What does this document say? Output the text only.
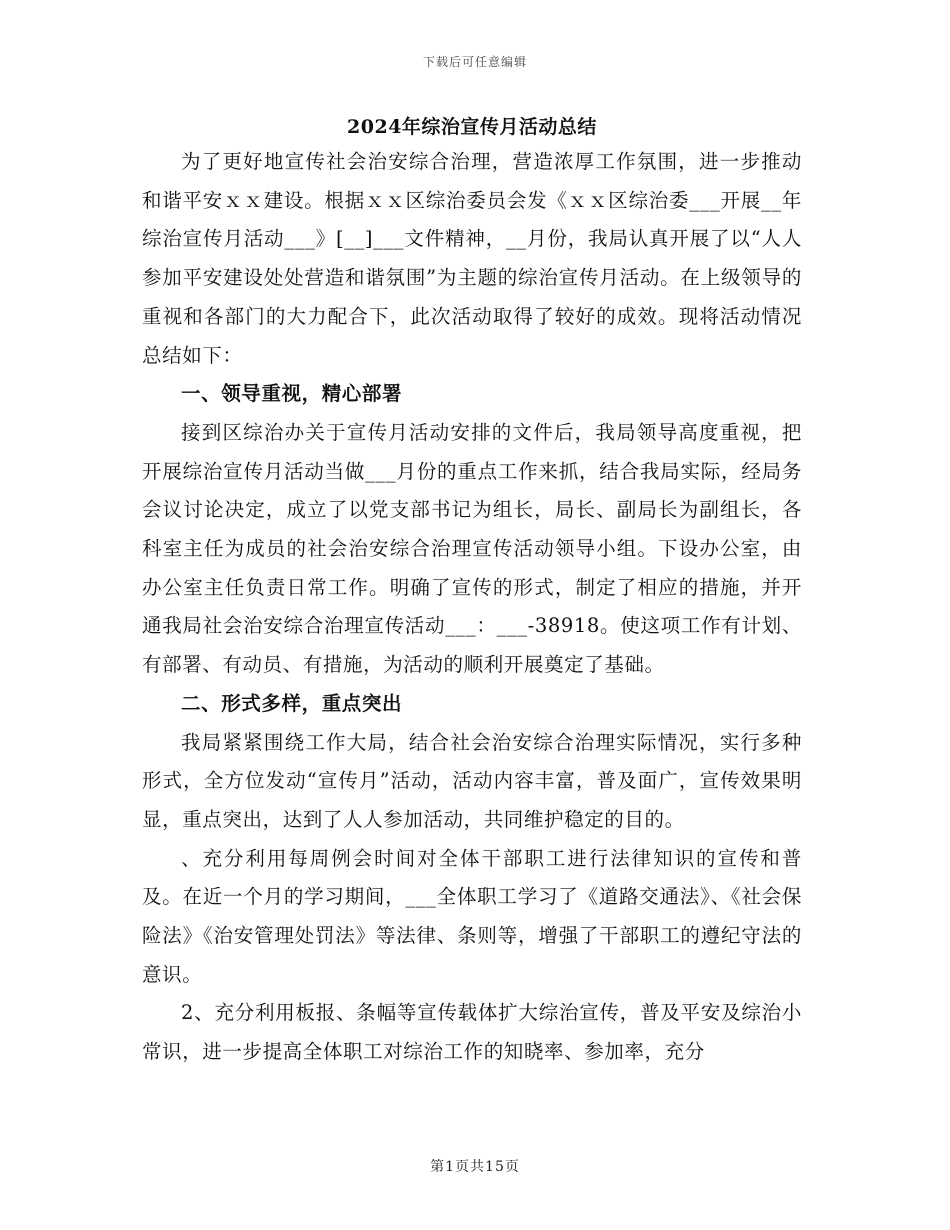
下载后可任意编辑
2024年综治宣传月活动总结

为了更好地宣传社会治安综合治理，营造浓厚工作氛围，进一步推动和谐平安ｘｘ建设。根据ｘｘ区综治委员会发《ｘｘ区综治委___开展__年综治宣传月活动___》[__]___文件精神，__月份，我局认真开展了以“人人参加平安建设处处营造和谐氛围”为主题的综治宣传月活动。在上级领导的重视和各部门的大力配合下，此次活动取得了较好的成效。现将活动情况总结如下：

一、领导重视，精心部署

接到区综治办关于宣传月活动安排的文件后，我局领导高度重视，把开展综治宣传月活动当做___月份的重点工作来抓，结合我局实际，经局务会议讨论决定，成立了以党支部书记为组长，局长、副局长为副组长，各科室主任为成员的社会治安综合治理宣传活动领导小组。下设办公室，由办公室主任负责日常工作。明确了宣传的形式，制定了相应的措施，并开通我局社会治安综合治理宣传活动___：___-38918。使这项工作有计划、有部署、有动员、有措施，为活动的顺利开展奠定了基础。

二、形式多样，重点突出

我局紧紧围绕工作大局，结合社会治安综合治理实际情况，实行多种形式，全方位发动“宣传月”活动，活动内容丰富，普及面广，宣传效果明显，重点突出，达到了人人参加活动，共同维护稳定的目的。

、充分利用每周例会时间对全体干部职工进行法律知识的宣传和普及。在近一个月的学习期间，___全体职工学习了《道路交通法》、《社会保险法》《治安管理处罚法》等法律、条则等，增强了干部职工的遵纪守法的意识。

2、充分利用板报、条幅等宣传载体扩大综治宣传，普及平安及综治小常识，进一步提高全体职工对综治工作的知晓率、参加率，充分

第1页共15页
